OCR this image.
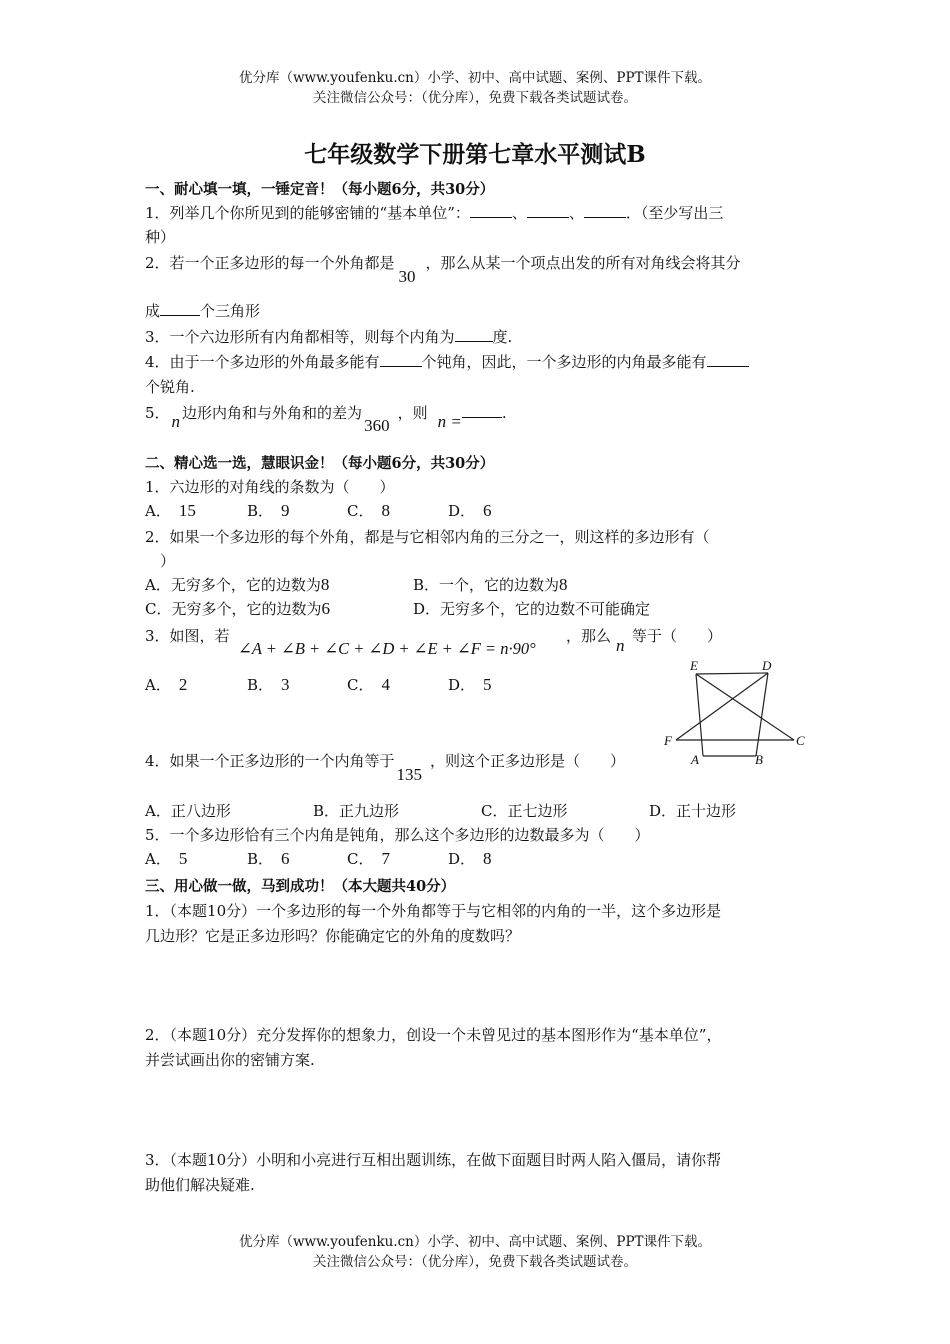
优分库（www.youfenku.cn）小学、初中、高中试题、案例、PPT课件下载。
关注微信公众号：（优分库），免费下载各类试题试卷。
七年级数学下册第七章水平测试B
一、耐心填一填，一锤定音！（每小题6分，共30分）
1．列举几个你所见到的能够密铺的“基本单位”：	、	、	．（至少写出三
种）
2．若一个正多边形的每一个外角都是30，那么从某一个项点出发的所有对角线会将其分
成	个三角形
3．一个六边形所有内角都相等，则每个内角为	度.
4．由于一个多边形的外角最多能有	个钝角，因此，一个多边形的内角最多能有
个锐角.
5． n 边形内角和与外角和的差为360，则 n =	.
二、精心选一选，慧眼识金！（每小题6分，共30分）
1．六边形的对角线的条数为（　　）
A． 15	B． 9	C． 8	D． 6
2．如果一个多边形的每个外角，都是与它相邻内角的三分之一，则这样的多边形有（
）
A．无穷多个，它的边数为8	B．一个，它的边数为8
C．无穷多个，它的边数为6	D．无穷多个，它的边数不可能确定
3．如图，若
∠A + ∠B + ∠C + ∠D + ∠E + ∠F = n·90°
，那么 n 等于（　　）
A． 2	B． 3	C． 4	D． 5
E	D
F	C
A	B
4．如果一个正多边形的一个内角等于135，则这个正多边形是（　　）
A．正八边形	B．正九边形	C．正七边形	D．正十边形
5．一个多边形恰有三个内角是钝角，那么这个多边形的边数最多为（　　）
A． 5	B． 6	C． 7	D． 8
三、用心做一做，马到成功！（本大题共40分）
1．（本题10分）一个多边形的每一个外角都等于与它相邻的内角的一半，这个多边形是
几边形？它是正多边形吗？你能确定它的外角的度数吗？
2．（本题10分）充分发挥你的想象力，创设一个未曾见过的基本图形作为“基本单位”，
并尝试画出你的密铺方案.
3．（本题10分）小明和小亮进行互相出题训练，在做下面题目时两人陷入僵局，请你帮
助他们解决疑难.
优分库（www.youfenku.cn）小学、初中、高中试题、案例、PPT课件下载。
关注微信公众号：（优分库），免费下载各类试题试卷。
